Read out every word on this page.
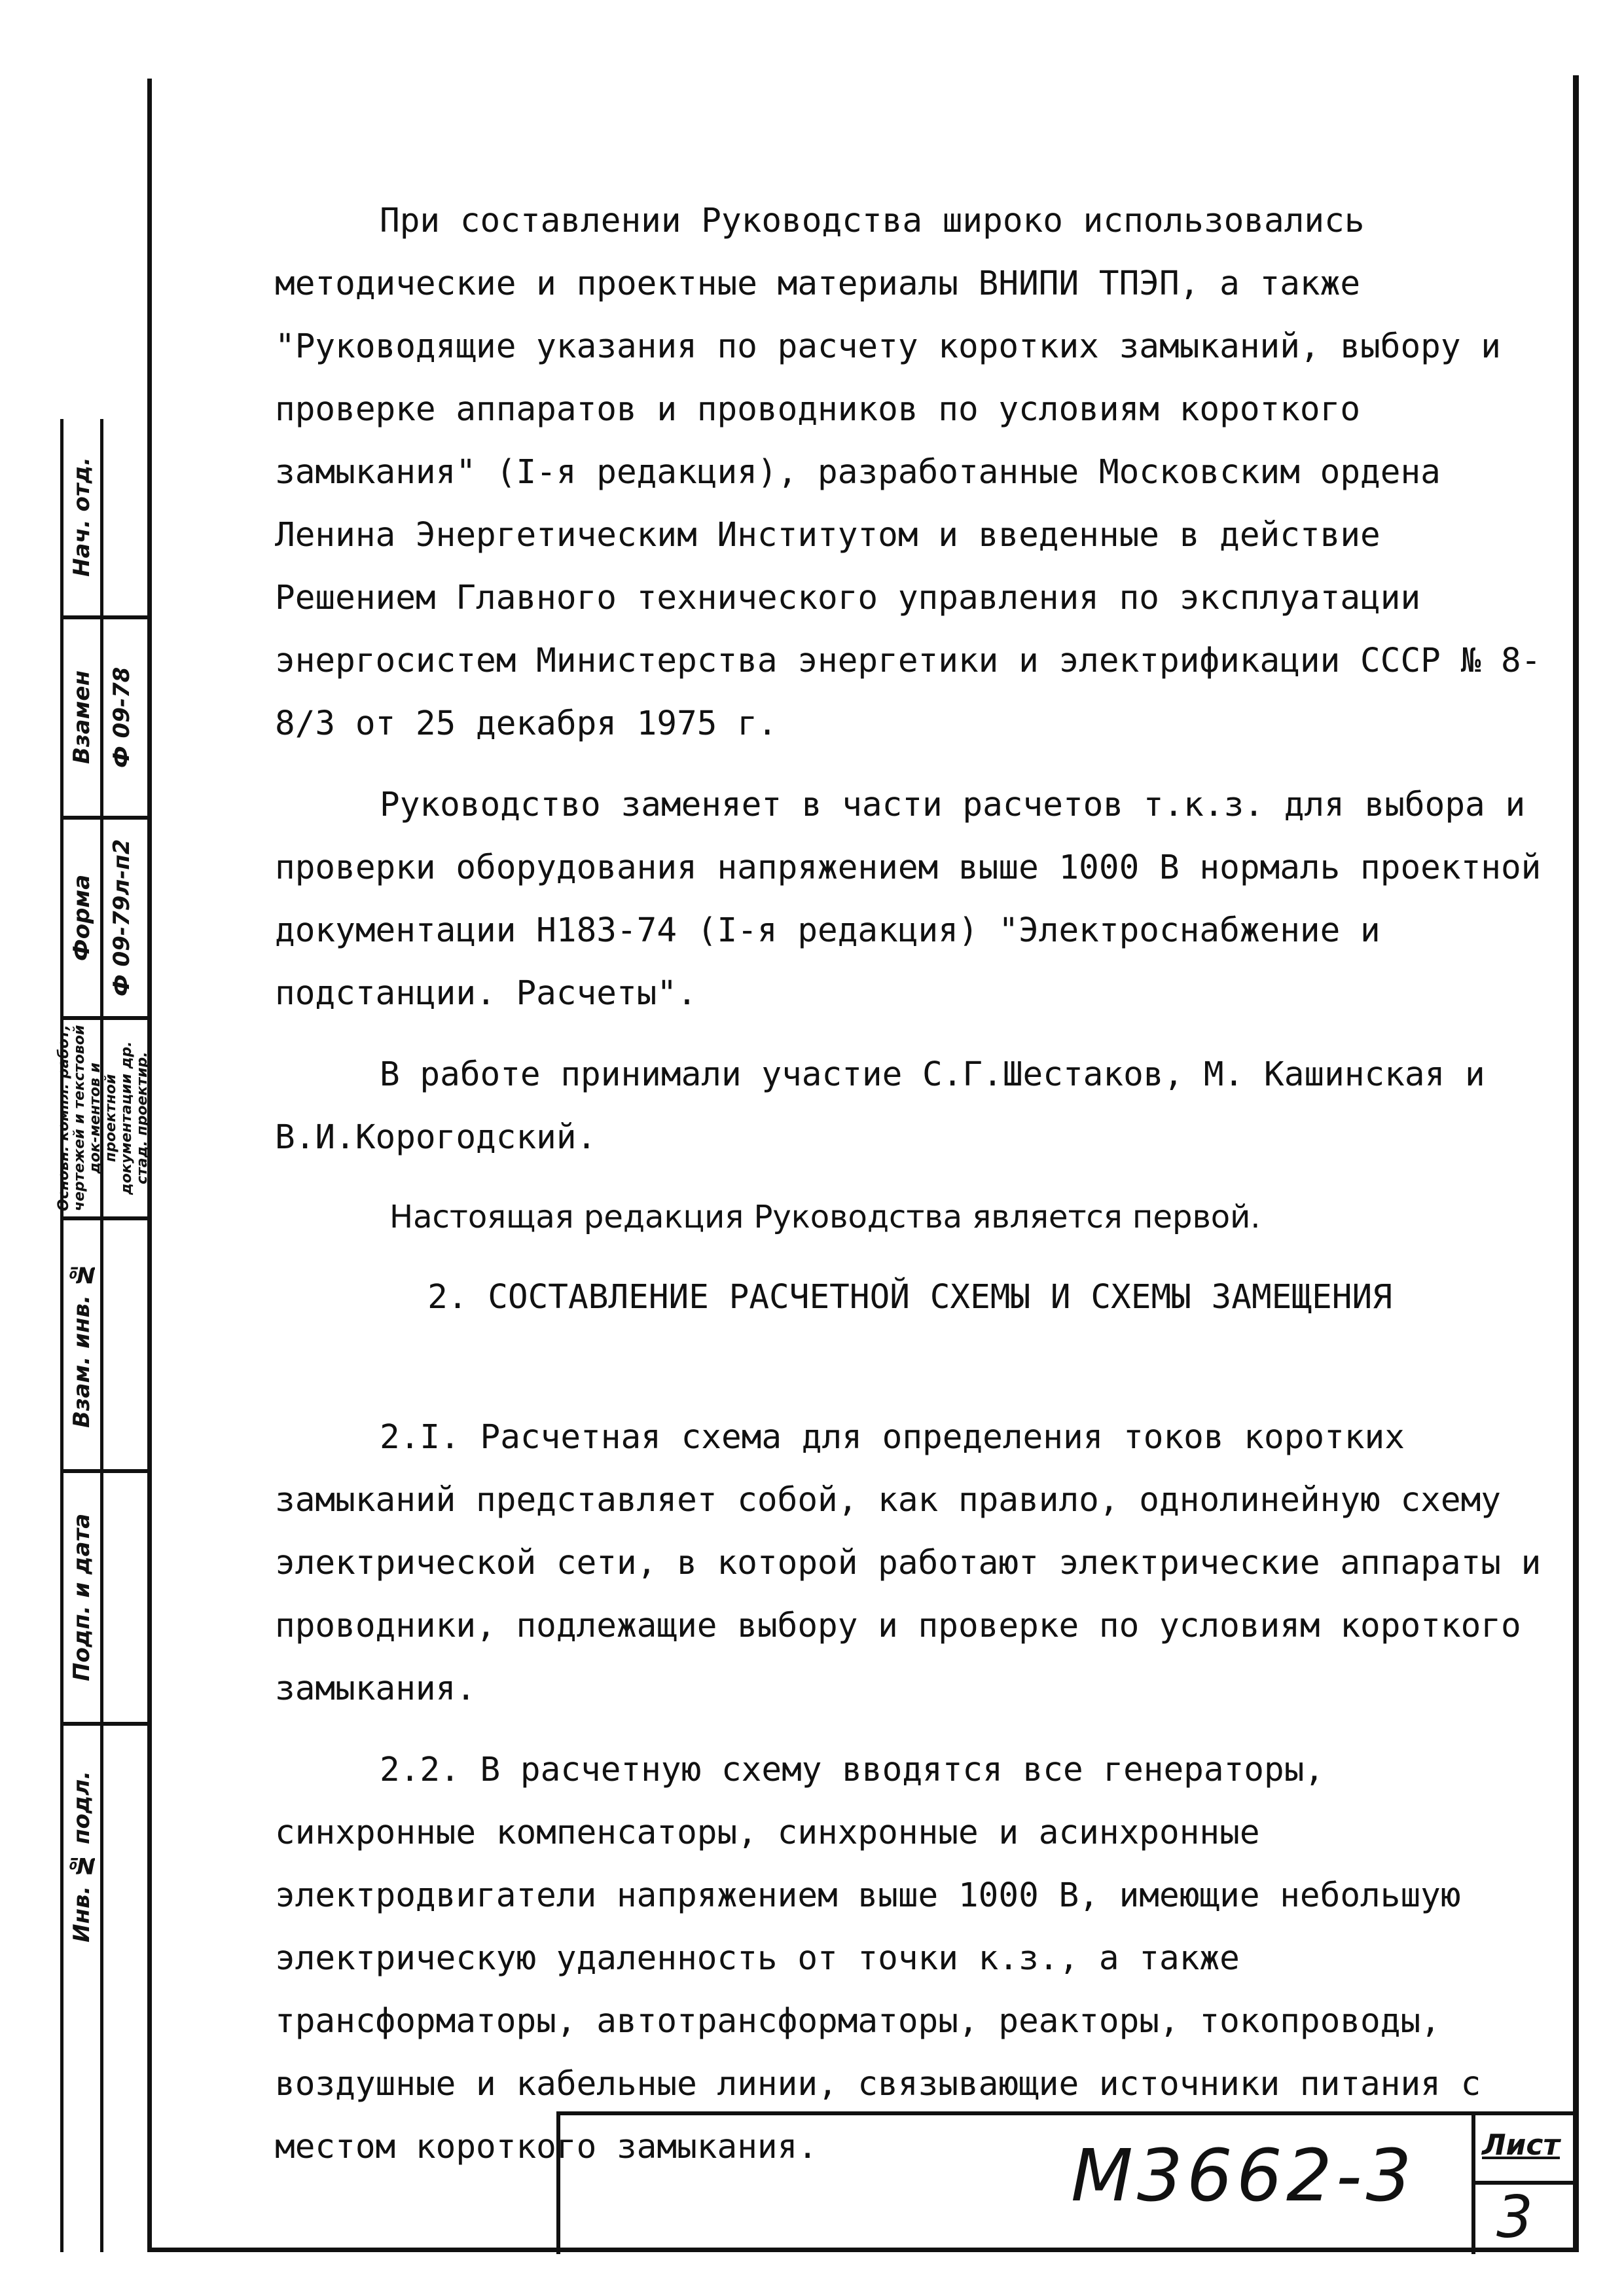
Нач. отд.
Взамен Ф 09-78
Форма Ф 09-79л-п2
Основн. компл. работ, чертежей и текстовой док-ментов и проектной документации др. стад. проектир.
Взам. инв. №
Подп. и дата
Инв. № подл.

При составлении Руководства широко использовались методические и проектные материалы ВНИПИ ТПЭП, а также "Руководящие указания по расчету коротких замыканий, выбору и проверке аппаратов и проводников по условиям короткого замыкания" (I-я редакция), разработанные Московским ордена Ленина Энергетическим Институтом и введенные в действие Решением Главного технического управления по эксплуатации энергосистем Министерства энергетики и электрификации СССР № 8-8/3 от 25 декабря 1975 г.

Руководство заменяет в части расчетов т.к.з. для выбора и проверки оборудования напряжением выше 1000 В нормаль проектной документации Н183-74 (I-я редакция) "Электроснабжение и подстанции. Расчеты".

В работе принимали участие С.Г.Шестаков, М. Кашинская и В.И.Корогодский.

Настоящая редакция Руководства является первой.

2. СОСТАВЛЕНИЕ РАСЧЕТНОЙ СХЕМЫ И СХЕМЫ ЗАМЕЩЕНИЯ

2.I. Расчетная схема для определения токов коротких замыканий представляет собой, как правило, однолинейную схему электрической сети, в которой работают электрические аппараты и проводники, подлежащие выбору и проверке по условиям короткого замыкания.

2.2. В расчетную схему вводятся все генераторы, синхронные компенсаторы, синхронные и асинхронные электродвигатели напряжением выше 1000 В, имеющие небольшую электрическую удаленность от точки к.з., а также трансформаторы, автотрансформаторы, реакторы, токопроводы, воздушные и кабельные линии, связывающие источники питания с местом короткого замыкания.	М3662-3 Лист
3
